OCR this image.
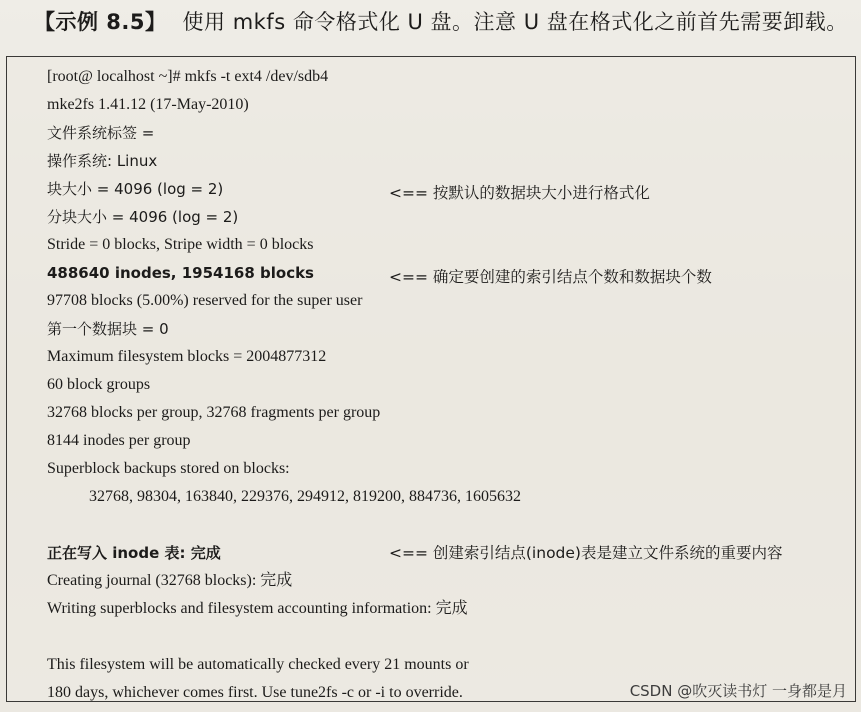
【示例 8.5】 使用 mkfs 命令格式化 U 盘。注意 U 盘在格式化之前首先需要卸载。
[root@ localhost ~]# mkfs -t ext4 /dev/sdb4
mke2fs 1.41.12 (17-May-2010)
文件系统标签 =
操作系统: Linux
块大小 = 4096 (log = 2)	<== 按默认的数据块大小进行格式化
分块大小 = 4096 (log = 2)
Stride = 0 blocks, Stripe width = 0 blocks
488640 inodes, 1954168 blocks	<== 确定要创建的索引结点个数和数据块个数
97708 blocks (5.00%) reserved for the super user
第一个数据块 = 0
Maximum filesystem blocks = 2004877312
60 block groups
32768 blocks per group, 32768 fragments per group
8144 inodes per group
Superblock backups stored on blocks:
32768, 98304, 163840, 229376, 294912, 819200, 884736, 1605632
正在写入 inode 表: 完成	<== 创建索引结点(inode)表是建立文件系统的重要内容
Creating journal (32768 blocks): 完成
Writing superblocks and filesystem accounting information: 完成
This filesystem will be automatically checked every 21 mounts or
180 days, whichever comes first. Use tune2fs -c or -i to override.	CSDN @吹灭读书灯 一身都是月
